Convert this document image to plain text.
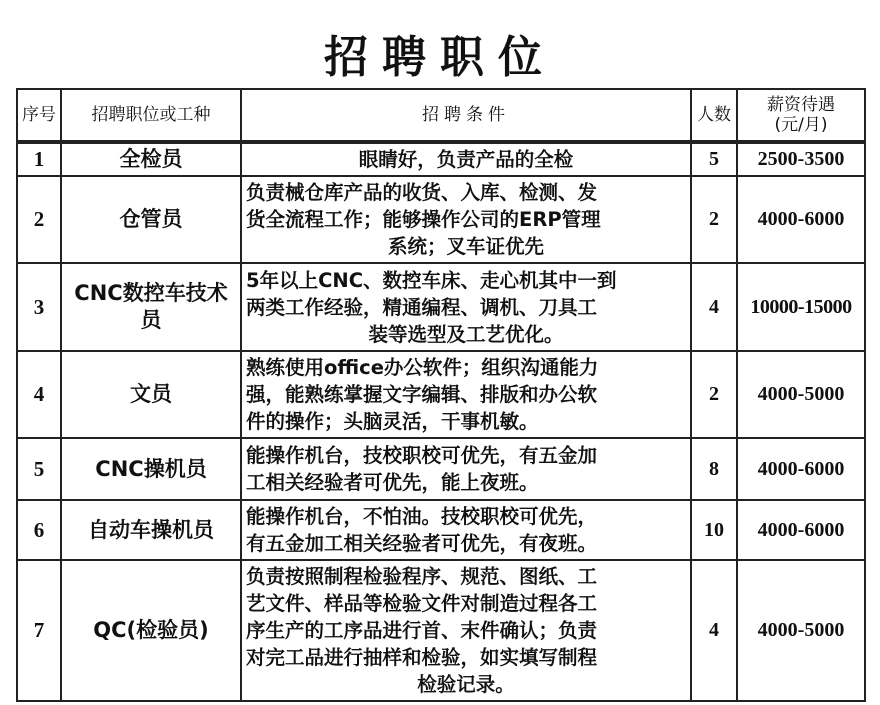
招聘职位
序号	招聘职位或工种	招聘条件	人数	薪资待遇
(元/月)

1	全检员	眼睛好，负责产品的全检	5	2500-3500
2	仓管员	负责械仓库产品的收货、入库、检测、发
货全流程工作；能够操作公司的ERP管理
系统；叉车证优先	2	4000-6000
3	CNC数控车技术员	5年以上CNC、数控车床、走心机其中一到
两类工作经验，精通编程、调机、刀具工
装等选型及工艺优化。	4	10000-15000
4	文员	熟练使用office办公软件；组织沟通能力
强，能熟练掌握文字编辑、排版和办公软
件的操作；头脑灵活，干事机敏。	2	4000-5000
5	CNC操机员	能操作机台，技校职校可优先，有五金加
工相关经验者可优先，能上夜班。	8	4000-6000
6	自动车操机员	能操作机台，不怕油。技校职校可优先，
有五金加工相关经验者可优先，有夜班。	10	4000-6000
7	QC(检验员)	负责按照制程检验程序、规范、图纸、工
艺文件、样品等检验文件对制造过程各工
序生产的工序品进行首、末件确认；负责
对完工品进行抽样和检验，如实填写制程
检验记录。	4	4000-5000
